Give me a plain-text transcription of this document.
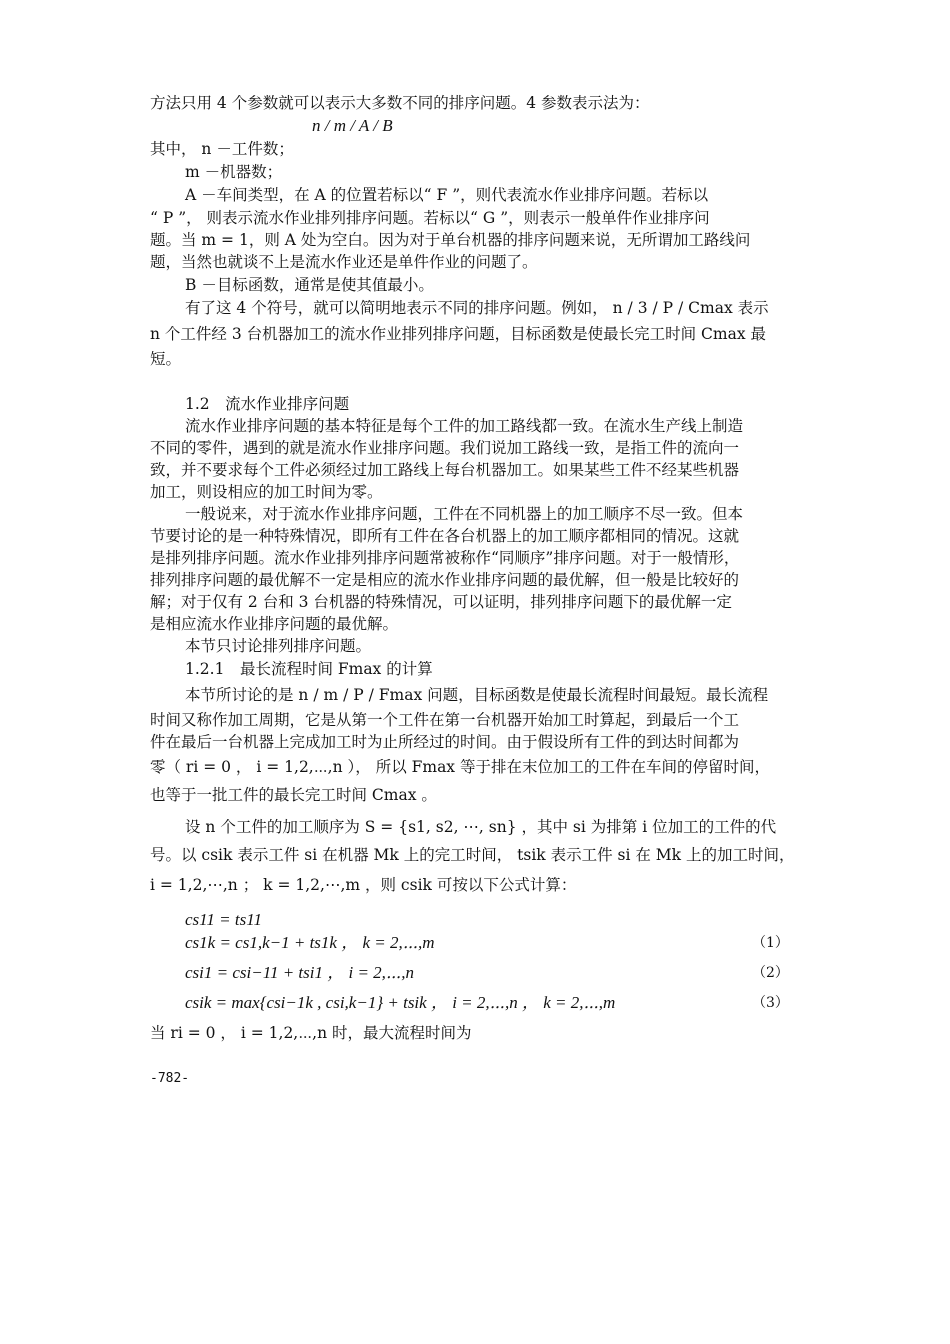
方法只用 4 个参数就可以表示大多数不同的排序问题。4 参数表示法为：
n / m / A / B
其中， n －工件数；
m －机器数；
A －车间类型，在 A 的位置若标以“ F ”，则代表流水作业排序问题。若标以
“ P ”， 则表示流水作业排列排序问题。若标以“ G ”，则表示一般单件作业排序问
题。当 m = 1，则 A 处为空白。因为对于单台机器的排序问题来说，无所谓加工路线问
题，当然也就谈不上是流水作业还是单件作业的问题了。
B －目标函数，通常是使其值最小。
有了这 4 个符号，就可以简明地表示不同的排序问题。例如， n / 3 / P / Cmax 表示
n 个工件经 3 台机器加工的流水作业排列排序问题，目标函数是使最长完工时间 Cmax 最
短。
1.2　流水作业排序问题
流水作业排序问题的基本特征是每个工件的加工路线都一致。在流水生产线上制造
不同的零件，遇到的就是流水作业排序问题。我们说加工路线一致，是指工件的流向一
致，并不要求每个工件必须经过加工路线上每台机器加工。如果某些工件不经某些机器
加工，则设相应的加工时间为零。
一般说来，对于流水作业排序问题，工件在不同机器上的加工顺序不尽一致。但本
节要讨论的是一种特殊情况，即所有工件在各台机器上的加工顺序都相同的情况。这就
是排列排序问题。流水作业排列排序问题常被称作“同顺序”排序问题。对于一般情形，
排列排序问题的最优解不一定是相应的流水作业排序问题的最优解，但一般是比较好的
解；对于仅有 2 台和 3 台机器的特殊情况，可以证明，排列排序问题下的最优解一定
是相应流水作业排序问题的最优解。
本节只讨论排列排序问题。
1.2.1　最长流程时间 Fmax 的计算
本节所讨论的是 n / m / P / Fmax 问题，目标函数是使最长流程时间最短。最长流程
时间又称作加工周期，它是从第一个工件在第一台机器开始加工时算起，到最后一个工
件在最后一台机器上完成加工时为止所经过的时间。由于假设所有工件的到达时间都为
零（ ri = 0 ， i = 1,2,⋯,n ）， 所以 Fmax 等于排在末位加工的工件在车间的停留时间，
也等于一批工件的最长完工时间 Cmax 。
设 n 个工件的加工顺序为 S = {s1, s2, ⋯, sn} ，其中 si 为排第 i 位加工的工件的代
号。以 csik 表示工件 si 在机器 Mk 上的完工时间， tsik 表示工件 si 在 Mk 上的加工时间，
i = 1,2,⋯,n ； k = 1,2,⋯,m ，则 csik 可按以下公式计算：
cs11 = ts11
cs1k = cs1,k−1 + ts1k ， k = 2,⋯,m	（1）
csi1 = csi−11 + tsi1 ， i = 2,⋯,n	（2）
csik = max{csi−1k , csi,k−1} + tsik ， i = 2,⋯,n ， k = 2,⋯,m	（3）
当 ri = 0 ， i = 1,2,⋯,n 时，最大流程时间为
-782-
